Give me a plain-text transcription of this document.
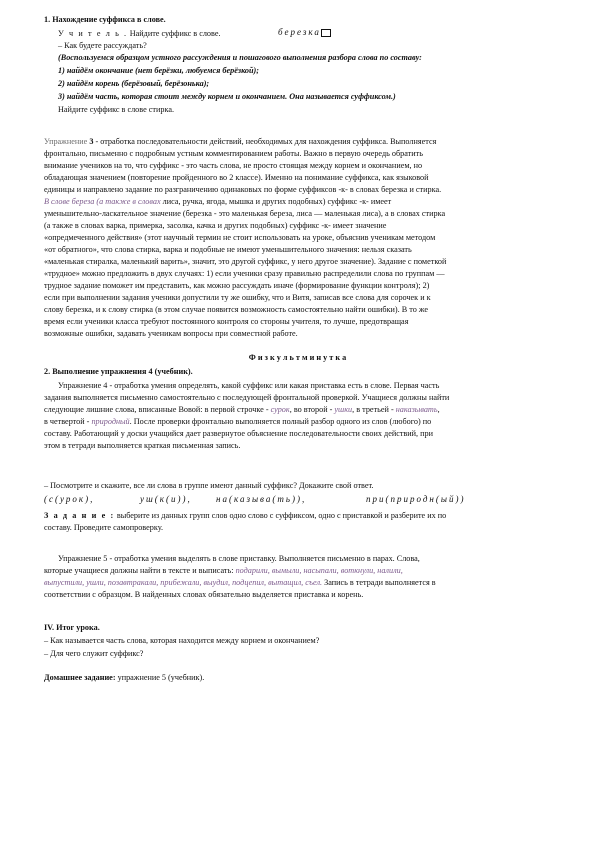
1. Нахождение суффикса в слове.
У ч и т е л ь . Найдите суффикс в слове.	березка
– Как будете рассуждать?
(Воспользуемся образцом устного рассуждения и пошагового выполнения разбора слова по составу:
1) найдём окончание (нет берёзки, любуемся берёзкой);
2) найдём корень (берёзовый, берёзонька);
3) найдём часть, которая стоит между корнем и окончанием. Она называется суффиксом.)
Найдите суффикс в слове стирка.
Упражнение 3 - отработка последовательности действий, необходимых для нахождения суффикса. Выполняется
фронтально, письменно с подробным устным комментированием работы. Важно в первую очередь обратить
внимание учеников на то, что суффикс - это часть слова, не просто стоящая между корнем и окончанием, но
обладающая значением (повторение пройденного во 2 классе). Именно на понимание суффикса, как языковой
единицы и направлено задание по разграничению одинаковых по форме суффиксов -к- в словах березка и стирка.
В слове береза (а также в словах лиса, ручка, ягода, мышка и других подобных) суффикс -к- имеет
уменьшительно-ласкательное значение (березка - это маленькая береза, лиса — маленькая лиса), а в словах стирка
(а также в словах варка, примерка, засолка, качка и других подобных) суффикс -к- имеет значение
«опредмеченного действия» (этот научный термин не стоит использовать на уроке, объяснив ученикам методом
«от обратного», что слова стирка, варка и подобные не имеют уменьшительного значения: нельзя сказать
«маленькая стиралка, маленький варить», значит, это другой суффикс, у него другое значение). Задание с пометкой
«трудное» можно предложить в двух случаях: 1) если ученики сразу правильно распределили слова по группам —
трудное задание поможет им представить, как можно рассуждать иначе (формирование функции контроля); 2)
если при выполнении задания ученики допустили ту же ошибку, что и Витя, записав все слова для сорочек и к
слову березка, и к слову стирка (в этом случае появится возможность самостоятельно найти ошибки). В то же
время если ученики класса требуют постоянного контроля со стороны учителя, то лучше, предотвращая
возможные ошибки, задавать ученикам вопросы при совместной работе.
Ф и з к у л ь т м и н у т к а
2. Выполнение упражнения 4 (учебник).
Упражнение 4 - отработка умения определять, какой суффикс или какая приставка есть в слове. Первая часть
задания выполняется письменно самостоятельно с последующей фронтальной проверкой. Учащиеся должны найти
следующие лишние слова, вписанные Вовой: в первой строчке - сурок, во второй - ушки, в третьей - наказывать,
в четвертой - природный. После проверки фронтально выполняется полный разбор одного из слов (любого) по
составу. Работающий у доски учащийся дает развернутое объяснение последовательности своих действий, при
этом в тетради выполняется краткая письменная запись.
– Посмотрите и скажите, все ли слова в группе имеют данный суффикс? Докажите свой ответ.
(с(урок),	уш(к(и)),	на(казыва(ть)),	при(природн(ый))
З а д а н и е : выберите из данных групп слов одно слово с суффиксом, одно с приставкой и разберите их по
составу. Проведите самопроверку.
Упражнение 5 - отработка умения выделять в слове приставку. Выполняется письменно в парах. Слова,
которые учащиеся должны найти в тексте и выписать: подарили, вымыли, насыпали, воткнули, налили,
выпустили, ушли, позавтракали, прибежали, выудил, подцепил, вытащил, съел. Запись в тетради выполняется в
соответствии с образцом. В найденных словах обязательно выделяется приставка и корень.
IV. Итог урока.
– Как называется часть слова, которая находится между корнем и окончанием?
– Для чего служит суффикс?
Домашнее задание: упражнение 5 (учебник).
